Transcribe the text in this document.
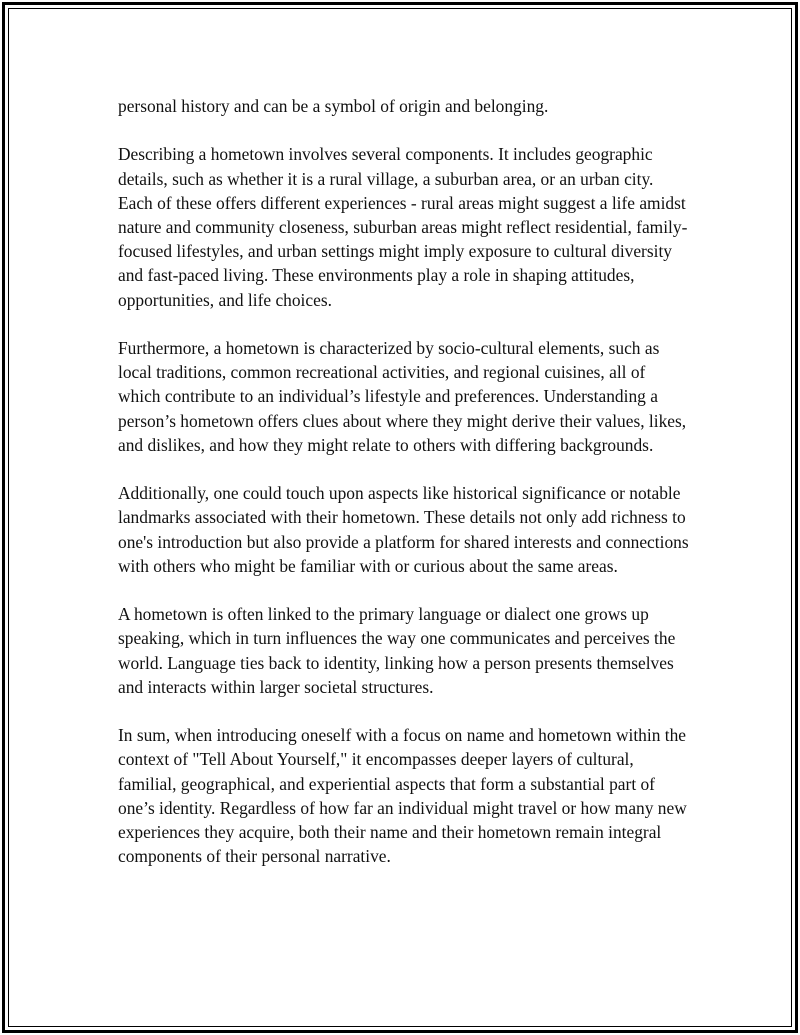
personal history and can be a symbol of origin and belonging.

Describing a hometown involves several components. It includes geographic details, such as whether it is a rural village, a suburban area, or an urban city. Each of these offers different experiences - rural areas might suggest a life amidst nature and community closeness, suburban areas might reflect residential, family-focused lifestyles, and urban settings might imply exposure to cultural diversity and fast-paced living. These environments play a role in shaping attitudes, opportunities, and life choices.

Furthermore, a hometown is characterized by socio-cultural elements, such as local traditions, common recreational activities, and regional cuisines, all of which contribute to an individual’s lifestyle and preferences. Understanding a person’s hometown offers clues about where they might derive their values, likes, and dislikes, and how they might relate to others with differing backgrounds.

Additionally, one could touch upon aspects like historical significance or notable landmarks associated with their hometown. These details not only add richness to one's introduction but also provide a platform for shared interests and connections with others who might be familiar with or curious about the same areas.

A hometown is often linked to the primary language or dialect one grows up speaking, which in turn influences the way one communicates and perceives the world. Language ties back to identity, linking how a person presents themselves and interacts within larger societal structures.

In sum, when introducing oneself with a focus on name and hometown within the context of "Tell About Yourself," it encompasses deeper layers of cultural, familial, geographical, and experiential aspects that form a substantial part of one’s identity. Regardless of how far an individual might travel or how many new experiences they acquire, both their name and their hometown remain integral components of their personal narrative.
